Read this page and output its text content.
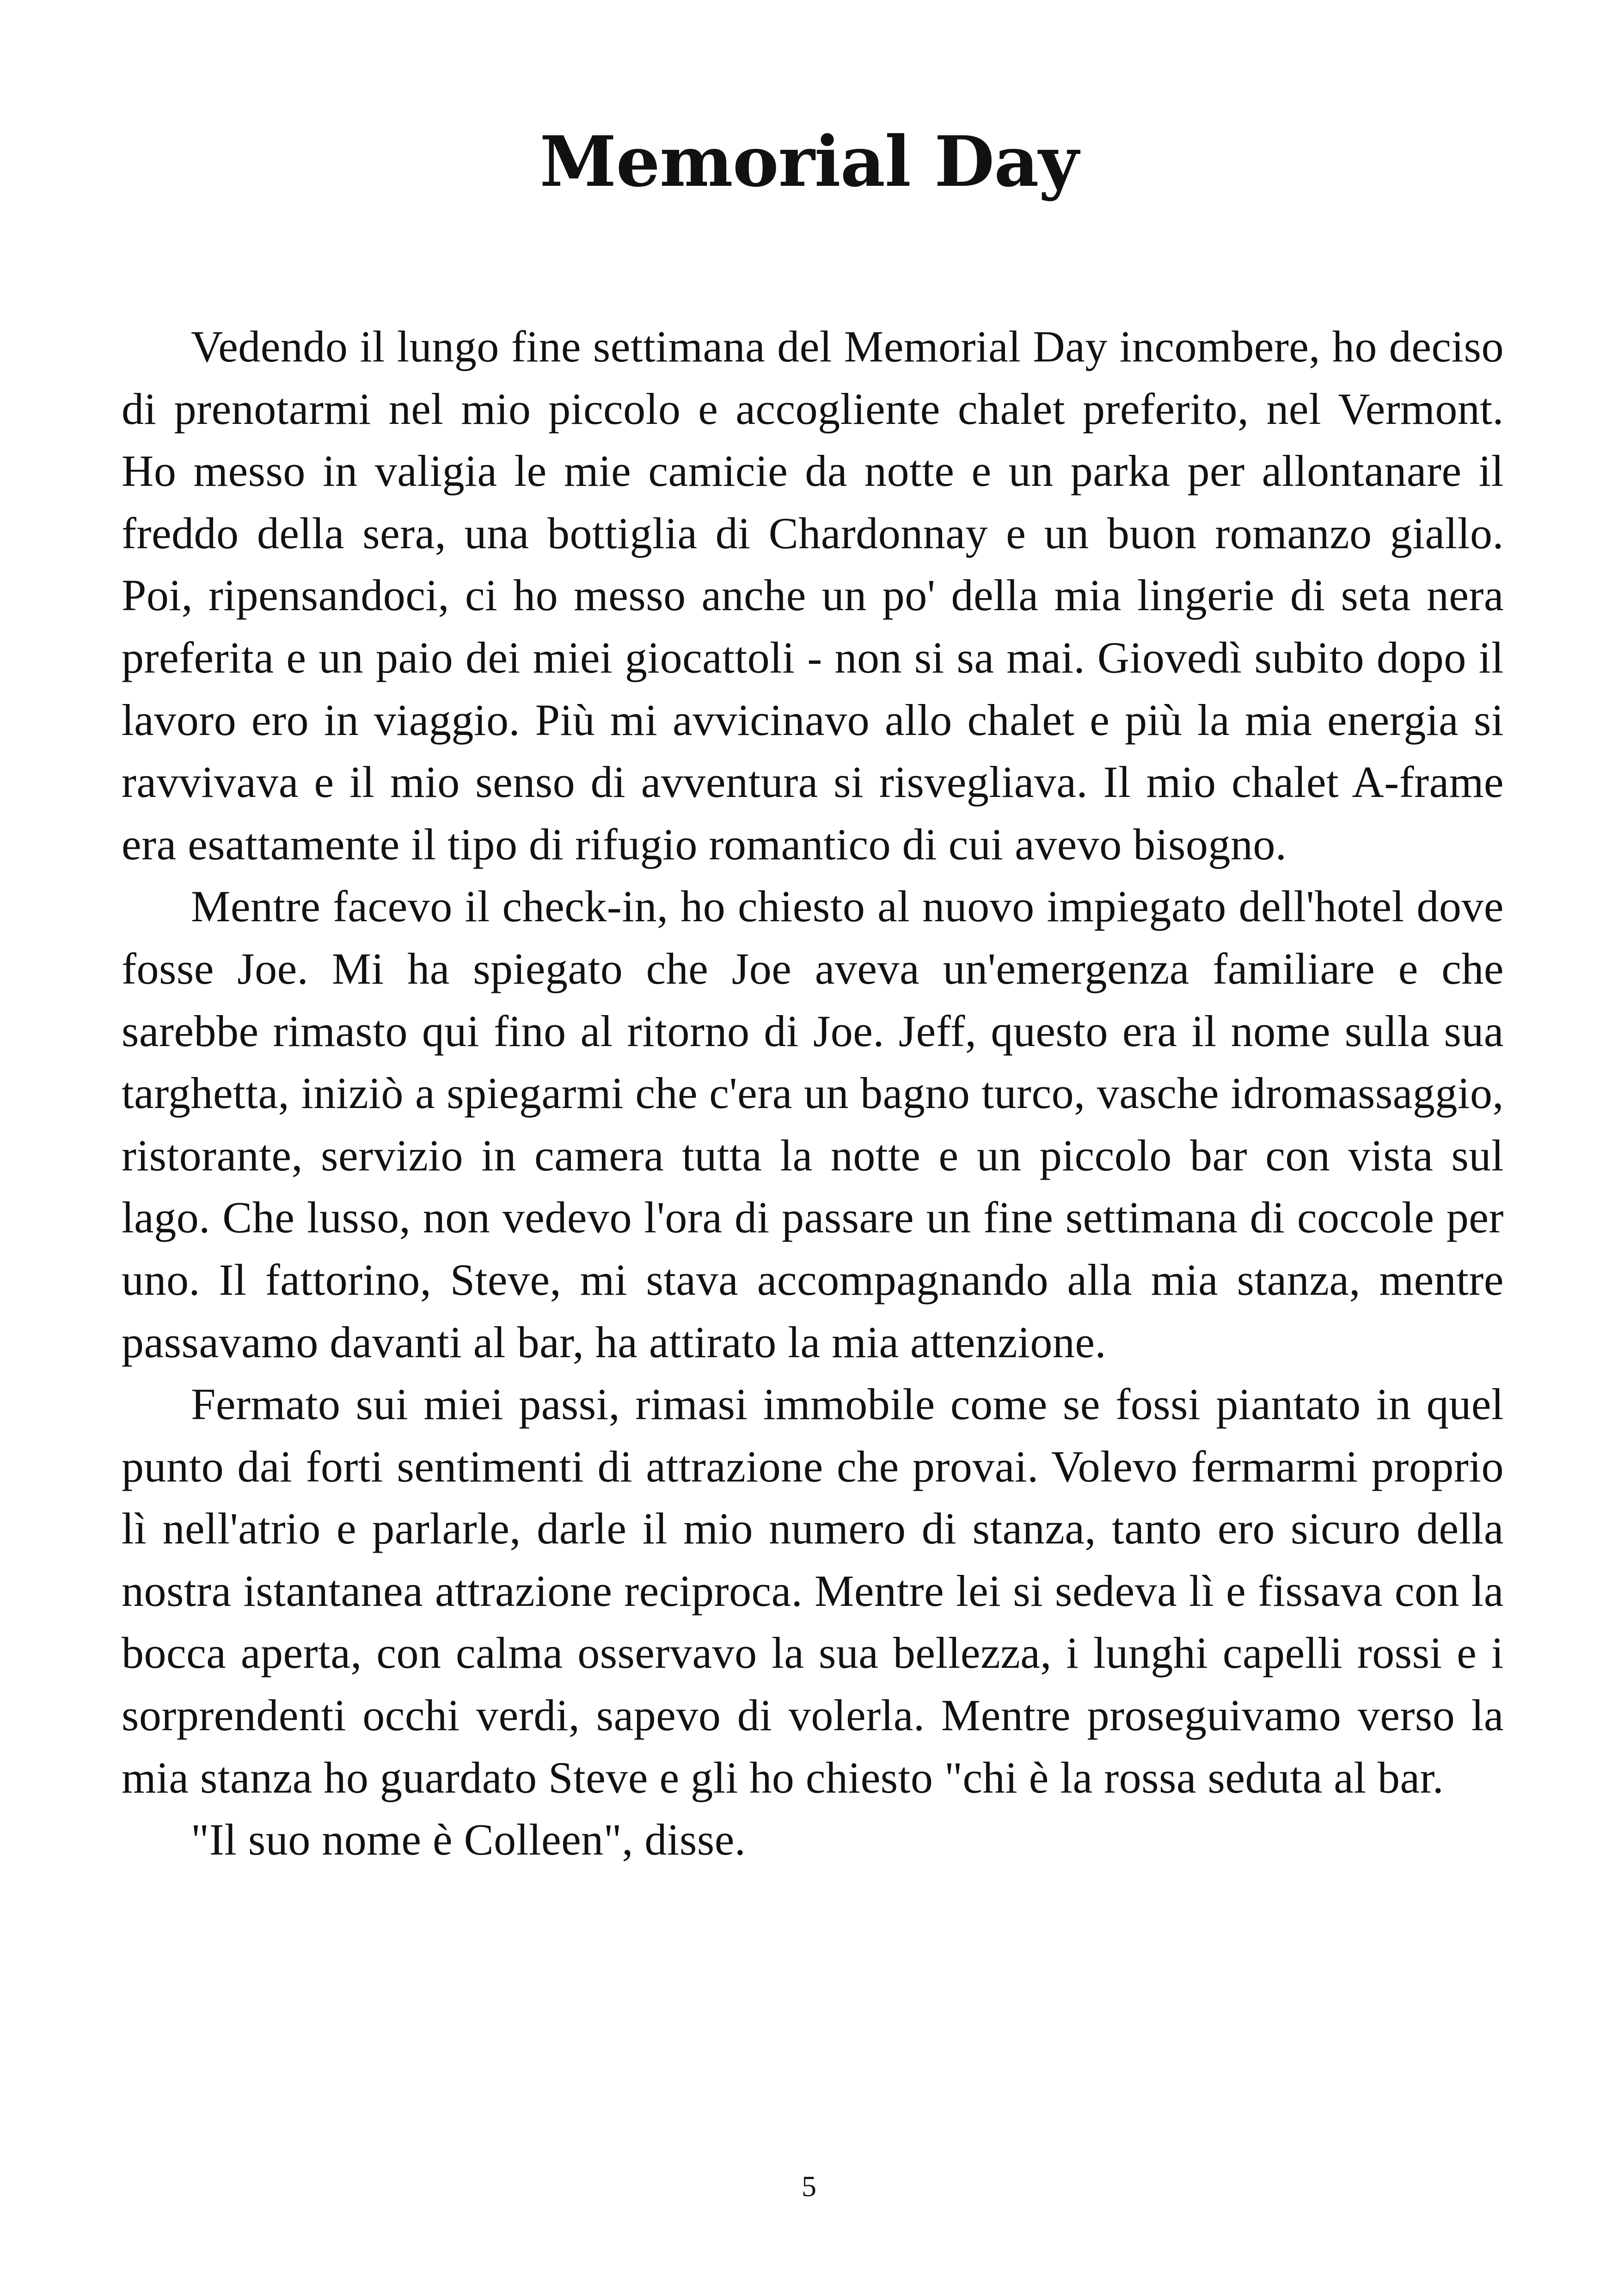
Memorial Day

Vedendo il lungo fine settimana del Memorial Day incombere, ho deciso di prenotarmi nel mio piccolo e accogliente chalet preferito, nel Vermont. Ho messo in valigia le mie camicie da notte e un parka per allontanare il freddo della sera, una bottiglia di Chardonnay e un buon romanzo giallo. Poi, ripensandoci, ci ho messo anche un po' della mia lingerie di seta nera preferita e un paio dei miei giocattoli - non si sa mai. Giovedì subito dopo il lavoro ero in viaggio. Più mi avvicinavo allo chalet e più la mia energia si ravvivava e il mio senso di avventura si risvegliava. Il mio chalet A-frame era esattamente il tipo di rifugio romantico di cui avevo bisogno.

Mentre facevo il check-in, ho chiesto al nuovo impiegato dell'hotel dove fosse Joe. Mi ha spiegato che Joe aveva un'emergenza familiare e che sarebbe rimasto qui fino al ritorno di Joe. Jeff, questo era il nome sulla sua targhetta, iniziò a spiegarmi che c'era un bagno turco, vasche idromassaggio, ristorante, servizio in camera tutta la notte e un piccolo bar con vista sul lago. Che lusso, non vedevo l'ora di passare un fine settimana di coccole per uno. Il fattorino, Steve, mi stava accompagnando alla mia stanza, mentre passavamo davanti al bar, ha attirato la mia attenzione.

Fermato sui miei passi, rimasi immobile come se fossi piantato in quel punto dai forti sentimenti di attrazione che provai. Volevo fermarmi proprio lì nell'atrio e parlarle, darle il mio numero di stanza, tanto ero sicuro della nostra istantanea attrazione reciproca. Mentre lei si sedeva lì e fissava con la bocca aperta, con calma osservavo la sua bellezza, i lunghi capelli rossi e i sorprendenti occhi verdi, sapevo di volerla. Mentre proseguivamo verso la mia stanza ho guardato Steve e gli ho chiesto "chi è la rossa seduta al bar.

"Il suo nome è Colleen", disse.

5
